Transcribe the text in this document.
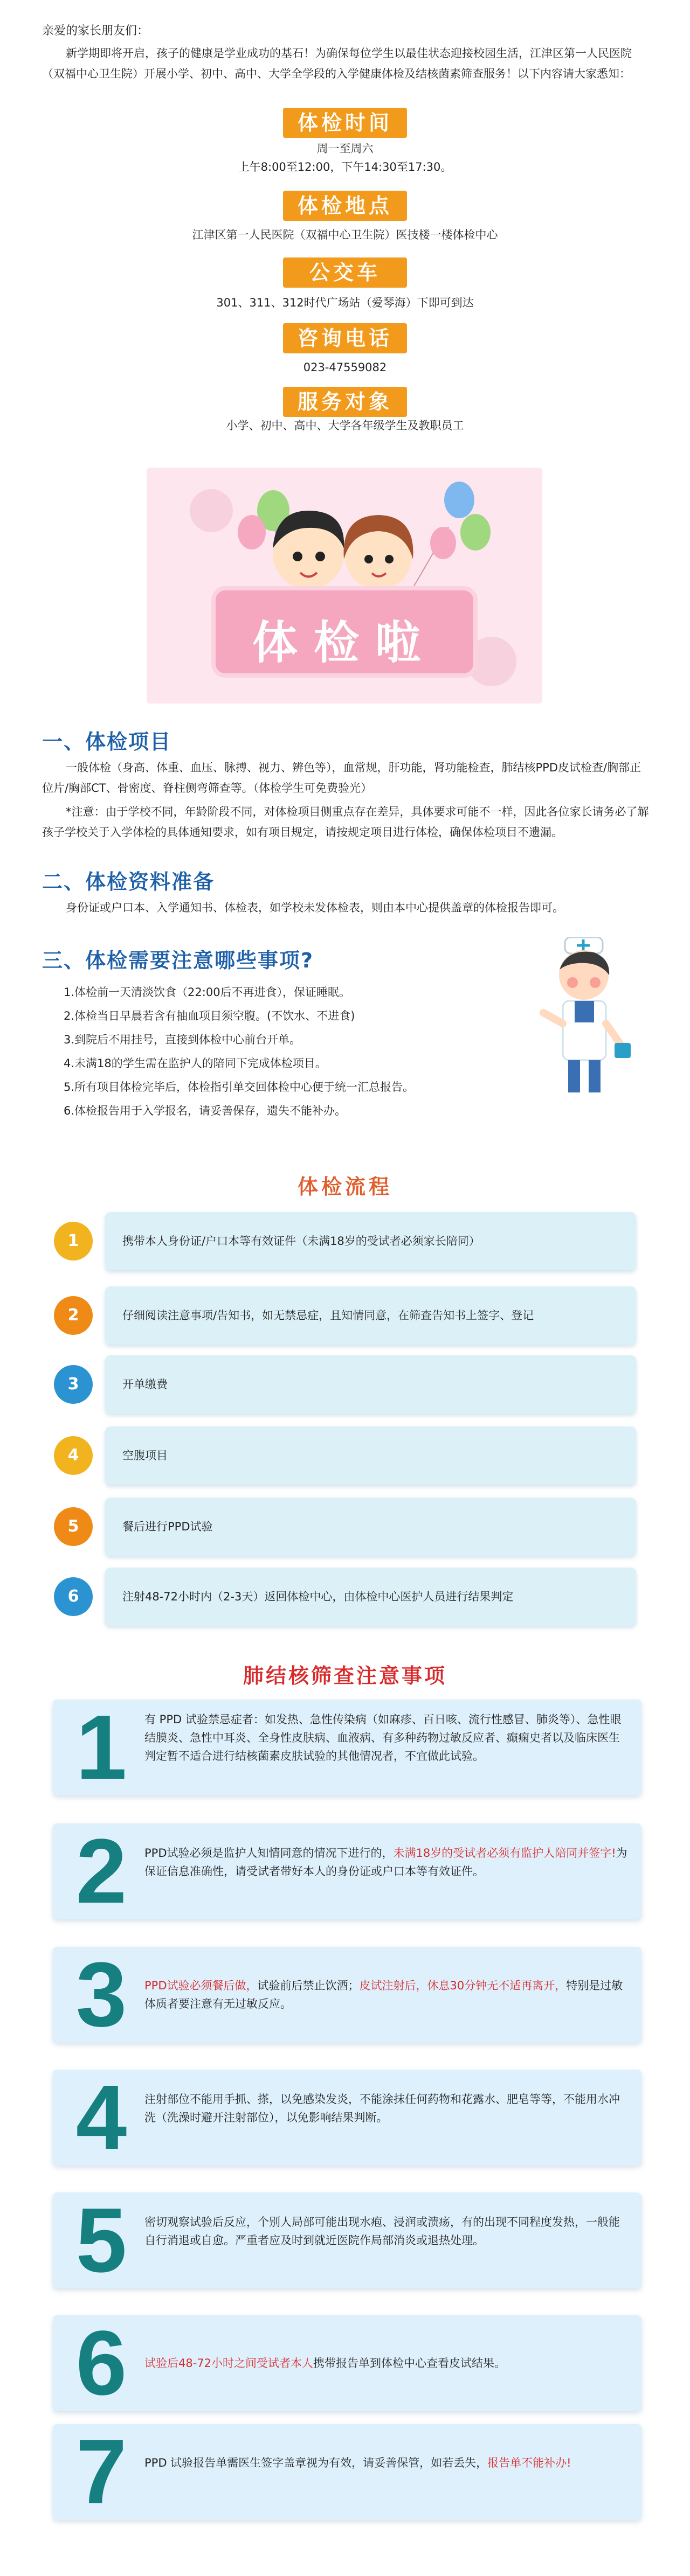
亲爱的家长朋友们：
新学期即将开启，孩子的健康是学业成功的基石！为确保每位学生以最佳状态迎接校园生活，江津区第一人民医院（双福中心卫生院）开展小学、初中、高中、大学全学段的入学健康体检及结核菌素筛查服务！以下内容请大家悉知：
体检时间
周一至周六
上午8:00至12:00，下午14:30至17:30。
体检地点
江津区第一人民医院（双福中心卫生院）医技楼一楼体检中心
公交车
301、311、312时代广场站（爱琴海）下即可到达
咨询电话
023-47559082
服务对象
小学、初中、高中、大学各年级学生及教职员工
体检啦
一、体检项目
一般体检（身高、体重、血压、脉搏、视力、辨色等），血常规，肝功能，肾功能检查，肺结核PPD皮试检查/胸部正位片/胸部CT、骨密度、脊柱侧弯筛查等。（体检学生可免费验光）
*注意：由于学校不同，年龄阶段不同，对体检项目侧重点存在差异，具体要求可能不一样，因此各位家长请务必了解孩子学校关于入学体检的具体通知要求，如有项目规定，请按规定项目进行体检，确保体检项目不遗漏。
二、体检资料准备
身份证或户口本、入学通知书、体检表，如学校未发体检表，则由本中心提供盖章的体检报告即可。
三、体检需要注意哪些事项?
1.体检前一天清淡饮食（22:00后不再进食），保证睡眠。
2.体检当日早晨若含有抽血项目须空腹。(不饮水、不进食)
3.到院后不用挂号，直接到体检中心前台开单。
4.未满18的学生需在监护人的陪同下完成体检项目。
5.所有项目体检完毕后，体检指引单交回体检中心便于统一汇总报告。
6.体检报告用于入学报名，请妥善保存，遗失不能补办。
体检流程
1	携带本人身份证/户口本等有效证件（未满18岁的受试者必须家长陪同）
2	仔细阅读注意事项/告知书，如无禁忌症，且知情同意，在筛查告知书上签字、登记
3	开单缴费
4	空腹项目
5	餐后进行PPD试验
6	注射48-72小时内（2-3天）返回体检中心，由体检中心医护人员进行结果判定
肺结核筛查注意事项
1	有 PPD 试验禁忌症者：如发热、急性传染病（如麻疹、百日咳、流行性感冒、肺炎等）、急性眼结膜炎、急性中耳炎、全身性皮肤病、血液病、有多种药物过敏反应者、癫痫史者以及临床医生判定暂不适合进行结核菌素皮肤试验的其他情况者，不宜做此试验。
2	PPD试验必须是监护人知情同意的情况下进行的，未满18岁的受试者必须有监护人陪同并签字!为保证信息准确性，请受试者带好本人的身份证或户口本等有效证件。
3	PPD试验必须餐后做，试验前后禁止饮酒；皮试注射后，休息30分钟无不适再离开，特别是过敏体质者要注意有无过敏反应。
4	注射部位不能用手抓、搽，以免感染发炎，不能涂抹任何药物和花露水、肥皂等等，不能用水冲洗（洗澡时避开注射部位），以免影响结果判断。
5	密切观察试验后反应，个别人局部可能出现水疱、浸润或溃疡，有的出现不同程度发热，一般能自行消退或自愈。严重者应及时到就近医院作局部消炎或退热处理。
6	试验后48-72小时之间受试者本人携带报告单到体检中心查看皮试结果。
7	PPD 试验报告单需医生签字盖章视为有效，请妥善保管，如若丢失，报告单不能补办!
